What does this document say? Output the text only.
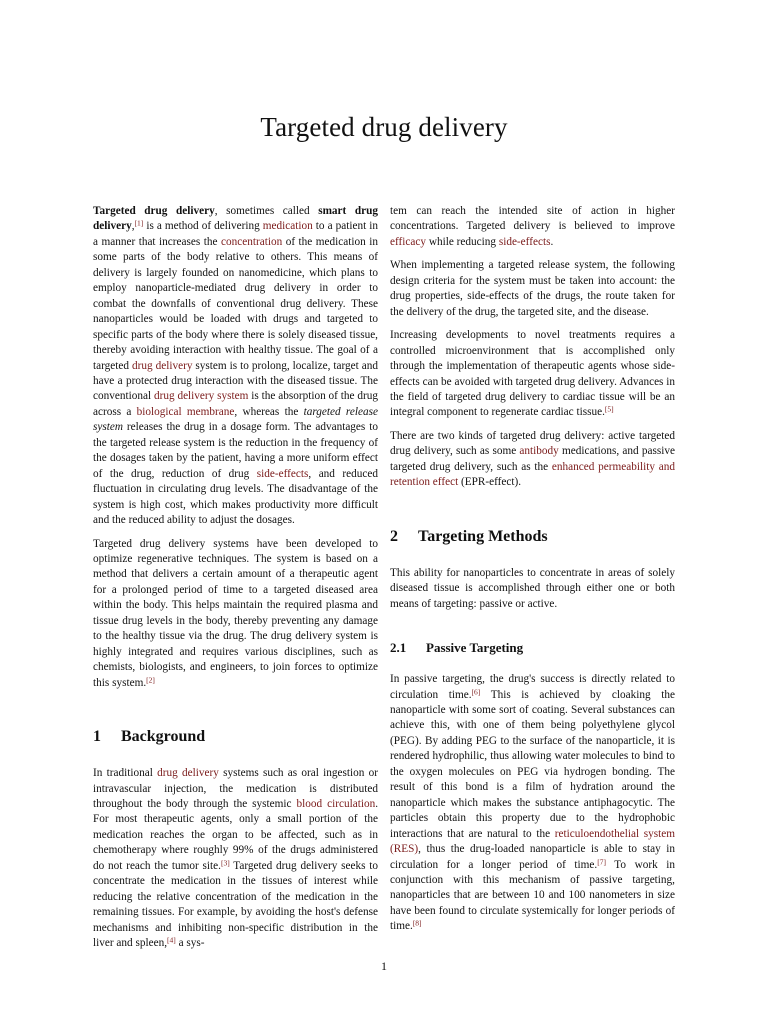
Targeted drug delivery

Targeted drug delivery, sometimes called smart drug delivery,[1] is a method of delivering medication to a patient in a manner that increases the concentration of the medication in some parts of the body relative to others. This means of delivery is largely founded on nanomedicine, which plans to employ nanoparticle-mediated drug delivery in order to combat the downfalls of conventional drug delivery. These nanoparticles would be loaded with drugs and targeted to specific parts of the body where there is solely diseased tissue, thereby avoiding interaction with healthy tissue. The goal of a targeted drug delivery system is to prolong, localize, target and have a protected drug interaction with the diseased tissue. The conventional drug delivery system is the absorption of the drug across a biological membrane, whereas the targeted release system releases the drug in a dosage form. The advantages to the targeted release system is the reduction in the frequency of the dosages taken by the patient, having a more uniform effect of the drug, reduction of drug side-effects, and reduced fluctuation in circulating drug levels. The disadvantage of the system is high cost, which makes productivity more difficult and the reduced ability to adjust the dosages.

Targeted drug delivery systems have been developed to optimize regenerative techniques. The system is based on a method that delivers a certain amount of a therapeutic agent for a prolonged period of time to a targeted diseased area within the body. This helps maintain the required plasma and tissue drug levels in the body, thereby preventing any damage to the healthy tissue via the drug. The drug delivery system is highly integrated and requires various disciplines, such as chemists, biologists, and engineers, to join forces to optimize this system.[2]

1 Background

In traditional drug delivery systems such as oral ingestion or intravascular injection, the medication is distributed throughout the body through the systemic blood circulation. For most therapeutic agents, only a small portion of the medication reaches the organ to be affected, such as in chemotherapy where roughly 99% of the drugs administered do not reach the tumor site.[3] Targeted drug delivery seeks to concentrate the medication in the tissues of interest while reducing the relative concentration of the medication in the remaining tissues. For example, by avoiding the host's defense mechanisms and inhibiting non-specific distribution in the liver and spleen,[4] a sys-

tem can reach the intended site of action in higher concentrations. Targeted delivery is believed to improve efficacy while reducing side-effects.

When implementing a targeted release system, the following design criteria for the system must be taken into account: the drug properties, side-effects of the drugs, the route taken for the delivery of the drug, the targeted site, and the disease.

Increasing developments to novel treatments requires a controlled microenvironment that is accomplished only through the implementation of therapeutic agents whose side-effects can be avoided with targeted drug delivery. Advances in the field of targeted drug delivery to cardiac tissue will be an integral component to regenerate cardiac tissue.[5]

There are two kinds of targeted drug delivery: active targeted drug delivery, such as some antibody medications, and passive targeted drug delivery, such as the enhanced permeability and retention effect (EPR-effect).

2 Targeting Methods

This ability for nanoparticles to concentrate in areas of solely diseased tissue is accomplished through either one or both means of targeting: passive or active.

2.1 Passive Targeting

In passive targeting, the drug's success is directly related to circulation time.[6] This is achieved by cloaking the nanoparticle with some sort of coating. Several substances can achieve this, with one of them being polyethylene glycol (PEG). By adding PEG to the surface of the nanoparticle, it is rendered hydrophilic, thus allowing water molecules to bind to the oxygen molecules on PEG via hydrogen bonding. The result of this bond is a film of hydration around the nanoparticle which makes the substance antiphagocytic. The particles obtain this property due to the hydrophobic interactions that are natural to the reticuloendothelial system (RES), thus the drug-loaded nanoparticle is able to stay in circulation for a longer period of time.[7] To work in conjunction with this mechanism of passive targeting, nanoparticles that are between 10 and 100 nanometers in size have been found to circulate systemically for longer periods of time.[8]

1
